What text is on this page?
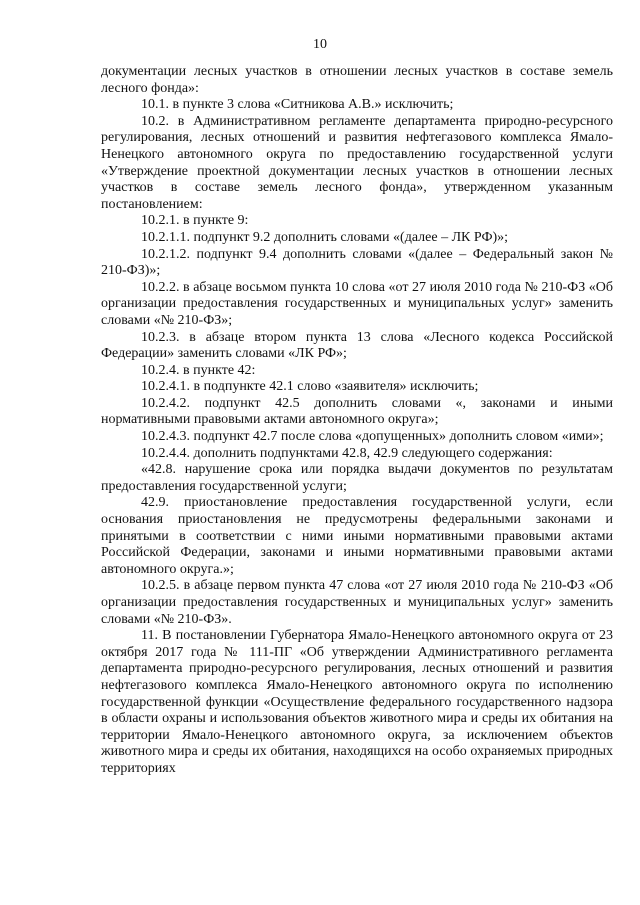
10

документации лесных участков в отношении лесных участков в составе земель лесного фонда»:

10.1. в пункте 3 слова «Ситникова А.В.» исключить;

10.2. в Административном регламенте департамента природно-ресурсного регулирования, лесных отношений и развития нефтегазового комплекса Ямало-Ненецкого автономного округа по предоставлению государственной услуги «Утверждение проектной документации лесных участков в отношении лесных участков в составе земель лесного фонда», утвержденном указанным постановлением:

10.2.1. в пункте 9:

10.2.1.1. подпункт 9.2 дополнить словами «(далее – ЛК РФ)»;

10.2.1.2. подпункт 9.4 дополнить словами «(далее – Федеральный закон № 210-ФЗ)»;

10.2.2. в абзаце восьмом пункта 10 слова «от 27 июля 2010 года № 210-ФЗ «Об организации предоставления государственных и муниципальных услуг» заменить словами «№ 210-ФЗ»;

10.2.3. в абзаце втором пункта 13 слова «Лесного кодекса Российской Федерации» заменить словами «ЛК РФ»;

10.2.4. в пункте 42:

10.2.4.1. в подпункте 42.1 слово «заявителя» исключить;

10.2.4.2. подпункт 42.5 дополнить словами «, законами и иными нормативными правовыми актами автономного округа»;

10.2.4.3. подпункт 42.7 после слова «допущенных» дополнить словом «ими»;

10.2.4.4. дополнить подпунктами 42.8, 42.9 следующего содержания:

«42.8. нарушение срока или порядка выдачи документов по результатам предоставления государственной услуги;

42.9. приостановление предоставления государственной услуги, если основания приостановления не предусмотрены федеральными законами и принятыми в соответствии с ними иными нормативными правовыми актами Российской Федерации, законами и иными нормативными правовыми актами автономного округа.»;

10.2.5. в абзаце первом пункта 47 слова «от 27 июля 2010 года № 210-ФЗ «Об организации предоставления государственных и муниципальных услуг» заменить словами «№ 210-ФЗ».

11. В постановлении Губернатора Ямало-Ненецкого автономного округа от 23 октября 2017 года № 111-ПГ «Об утверждении Административного регламента департамента природно-ресурсного регулирования, лесных отношений и развития нефтегазового комплекса Ямало-Ненецкого автономного округа по исполнению государственной функции «Осуществление федерального государственного надзора в области охраны и использования объектов животного мира и среды их обитания на территории Ямало-Ненецкого автономного округа, за исключением объектов животного мира и среды их обитания, находящихся на особо охраняемых природных территориях
